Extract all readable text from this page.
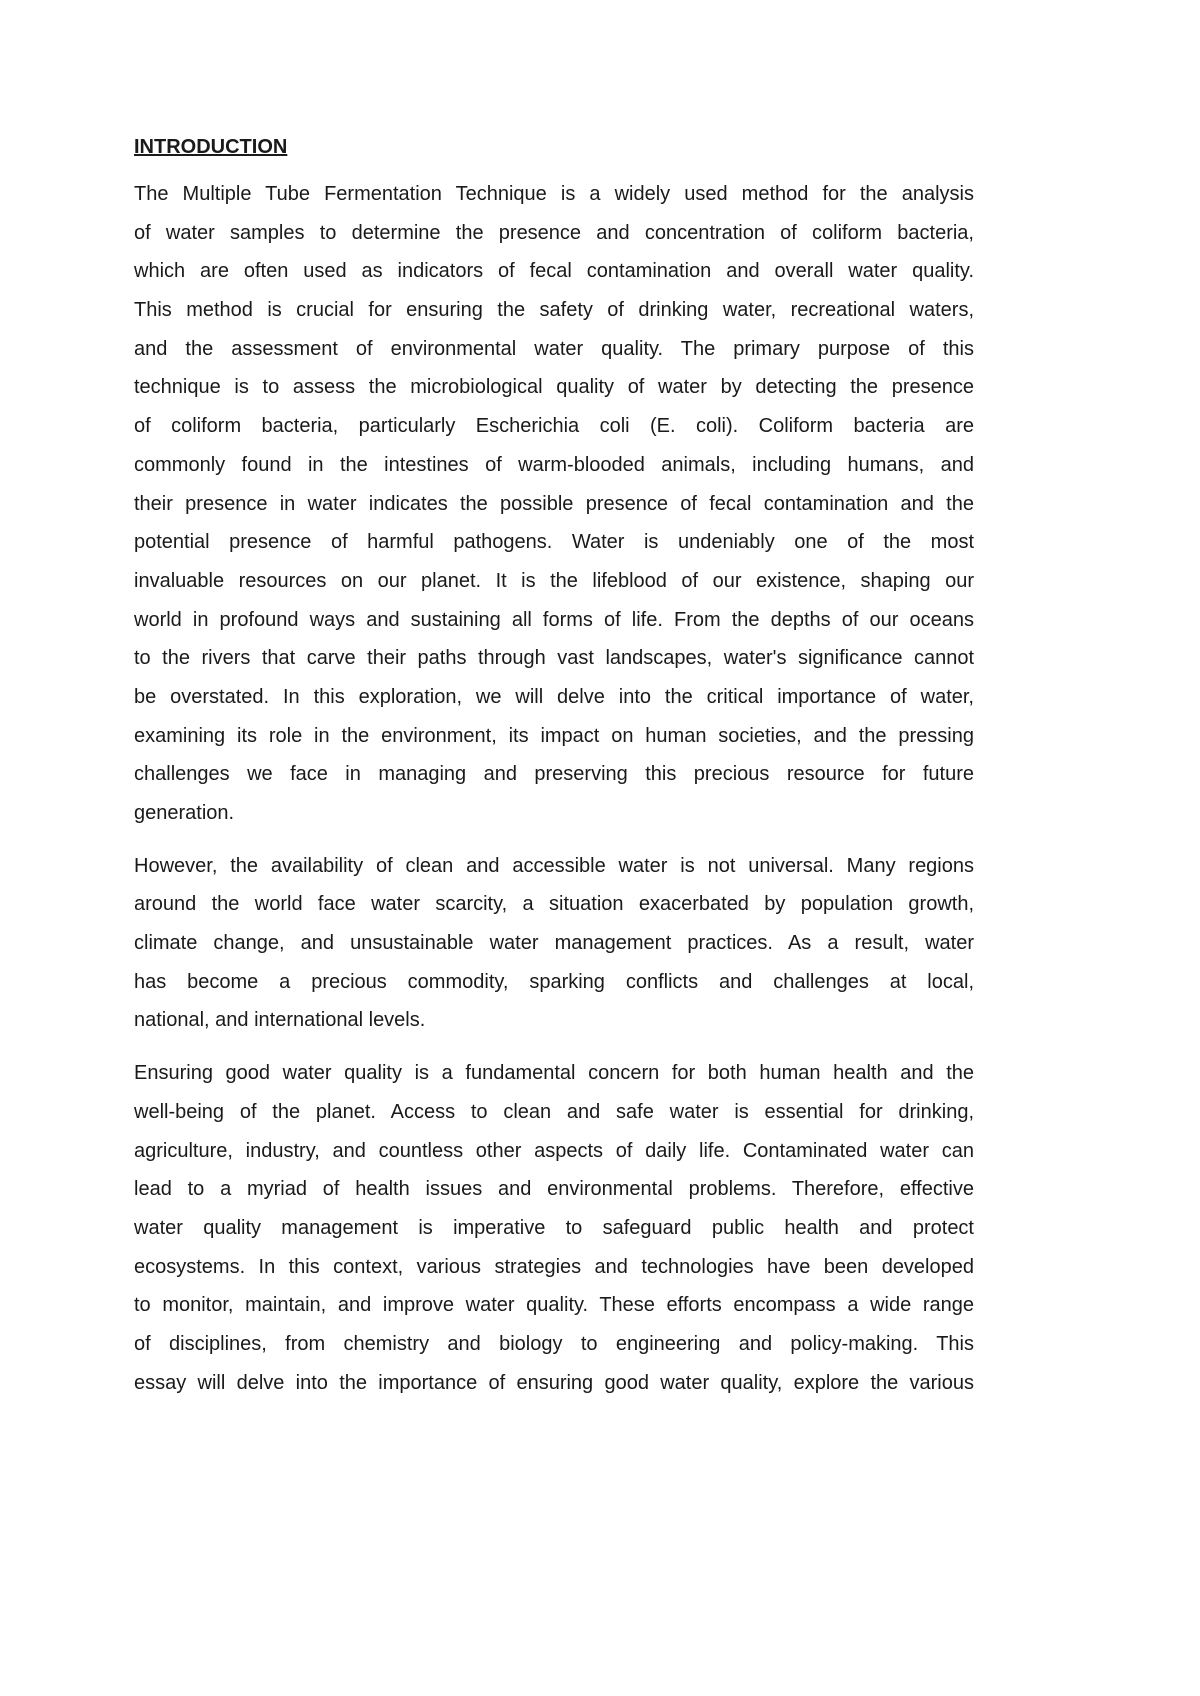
INTRODUCTION
The Multiple Tube Fermentation Technique is a widely used method for the analysis
of water samples to determine the presence and concentration of coliform bacteria,
which are often used as indicators of fecal contamination and overall water quality.
This method is crucial for ensuring the safety of drinking water, recreational waters,
and the assessment of environmental water quality. The primary purpose of this
technique is to assess the microbiological quality of water by detecting the presence
of coliform bacteria, particularly Escherichia coli (E. coli). Coliform bacteria are
commonly found in the intestines of warm-blooded animals, including humans, and
their presence in water indicates the possible presence of fecal contamination and the
potential presence of harmful pathogens. Water is undeniably one of the most
invaluable resources on our planet. It is the lifeblood of our existence, shaping our
world in profound ways and sustaining all forms of life. From the depths of our oceans
to the rivers that carve their paths through vast landscapes, water's significance cannot
be overstated. In this exploration, we will delve into the critical importance of water,
examining its role in the environment, its impact on human societies, and the pressing
challenges we face in managing and preserving this precious resource for future
generation.
However, the availability of clean and accessible water is not universal. Many regions
around the world face water scarcity, a situation exacerbated by population growth,
climate change, and unsustainable water management practices. As a result, water
has become a precious commodity, sparking conflicts and challenges at local,
national, and international levels.
Ensuring good water quality is a fundamental concern for both human health and the
well-being of the planet. Access to clean and safe water is essential for drinking,
agriculture, industry, and countless other aspects of daily life. Contaminated water can
lead to a myriad of health issues and environmental problems. Therefore, effective
water quality management is imperative to safeguard public health and protect
ecosystems. In this context, various strategies and technologies have been developed
to monitor, maintain, and improve water quality. These efforts encompass a wide range
of disciplines, from chemistry and biology to engineering and policy-making. This
essay will delve into the importance of ensuring good water quality, explore the various
